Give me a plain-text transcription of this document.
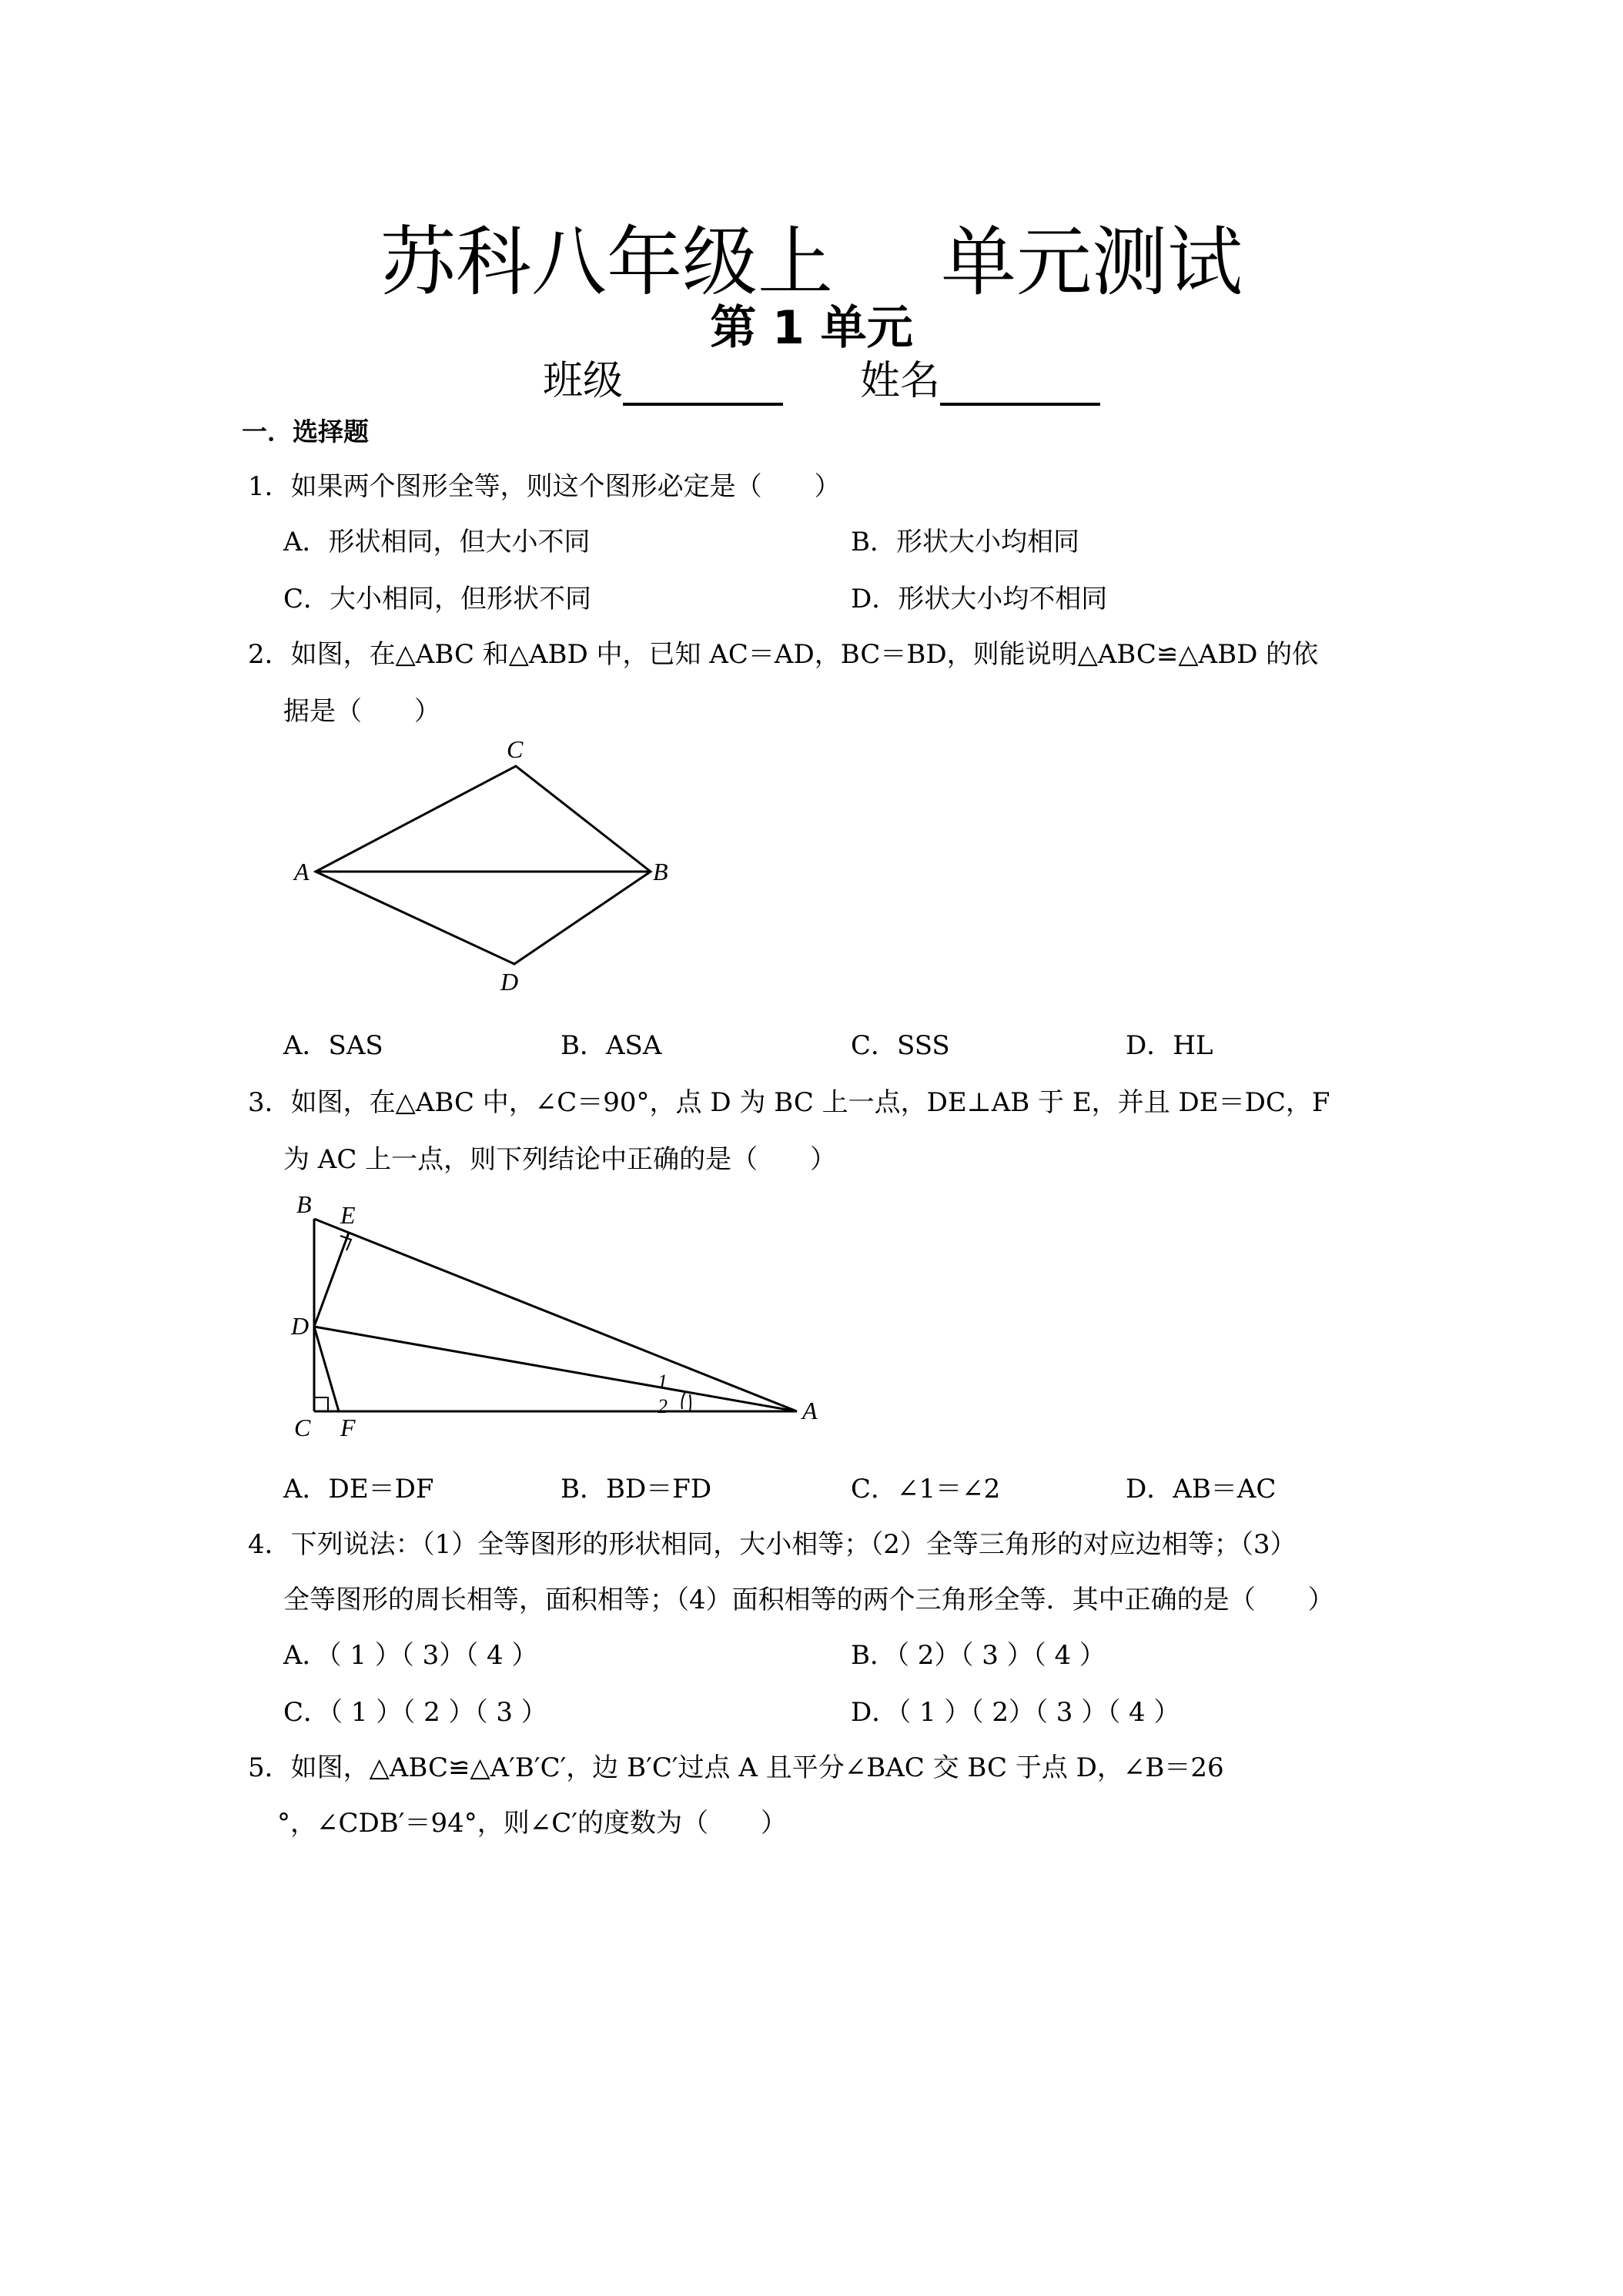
苏科八年级上 单元测试
第 1 单元
班级	姓名
一．选择题
1．如果两个图形全等，则这个图形必定是（　　）
A．形状相同，但大小不同	B．形状大小均相同
C．大小相同，但形状不同	D．形状大小均不相同
2．如图，在△ABC 和△ABD 中，已知 AC＝AD，BC＝BD，则能说明△ABC≌△ABD 的依
据是（　　）
C
A	B
D
A．SAS	B．ASA	C．SSS	D．HL
3．如图，在△ABC 中，∠C＝90°，点 D 为 BC 上一点，DE⊥AB 于 E，并且 DE＝DC，F
为 AC 上一点，则下列结论中正确的是（　　）
B E
D
C F
A
1
2
A．DE＝DF	B．BD＝FD	C．∠1＝∠2	D．AB＝AC
4．下列说法：（1）全等图形的形状相同，大小相等；（2）全等三角形的对应边相等；（3）
全等图形的周长相等，面积相等；（4）面积相等的两个三角形全等．其中正确的是（　　）
A．（ 1 ）（ 3）（ 4 ）	B．（ 2）（ 3 ）（ 4 ）
C．（ 1 ）（ 2 ）（ 3 ）	D．（ 1 ）（ 2）（ 3 ）（ 4 ）
5．如图，△ABC≌△A′B′C′，边 B′C′过点 A 且平分∠BAC 交 BC 于点 D，∠B＝26
°，∠CDB′＝94°，则∠C′的度数为（　　）
